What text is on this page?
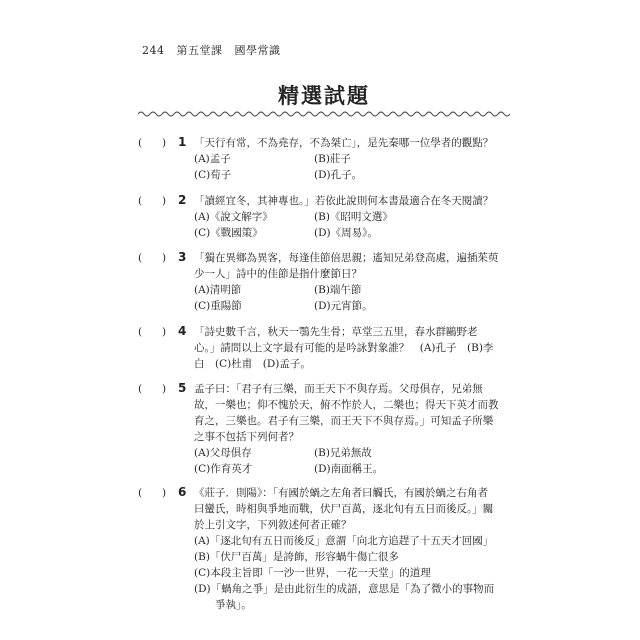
244 第五堂課 國學常識
精選試題
( ) 1 「天行有常，不為堯存，不為桀亡」，是先秦哪一位學者的觀點？
(A)孟子	(B)莊子
(C)荀子	(D)孔子。
( ) 2 「讀經宜冬，其神專也。」若依此說則何本書最適合在冬天閱讀？
(A)《說文解字》	(B)《昭明文選》
(C)《戰國策》	(D)《周易》。
( ) 3 「獨在異鄉為異客，每逢佳節倍思親；遙知兄弟登高處，遍插茱萸
少一人」詩中的佳節是指什麼節日？
(A)清明節	(B)端午節
(C)重陽節	(D)元宵節。
( ) 4 「詩史數千言，秋天一鶚先生骨；草堂三五里，春水群鷗野老
心。」請問以上文字最有可能的是吟詠對象誰？　(A)孔子　(B)李
白　(C)杜甫　(D)孟子。
( ) 5 孟子曰：「君子有三樂，而王天下不與存焉。父母俱存，兄弟無
故，一樂也；仰不愧於天，俯不怍於人，二樂也；得天下英才而教
育之，三樂也。君子有三樂，而王天下不與存焉。」可知孟子所樂
之事不包括下列何者？
(A)父母俱存	(B)兄弟無故
(C)作育英才	(D)南面稱王。
( ) 6 《莊子．則陽》：「有國於蝸之左角者曰觸氏，有國於蝸之右角者
曰蠻氏，時相與爭地而戰，伏尸百萬，逐北旬有五日而後反。」關
於上引文字，下列敘述何者正確？
(A)「逐北旬有五日而後反」意謂「向北方追趕了十五天才回國」
(B)「伏尸百萬」是誇飾，形容蝸牛傷亡很多
(C)本段主旨即「一沙一世界，一花一天堂」的道理
(D)「蝸角之爭」是由此衍生的成語，意思是「為了微小的事物而
　　爭執」。
